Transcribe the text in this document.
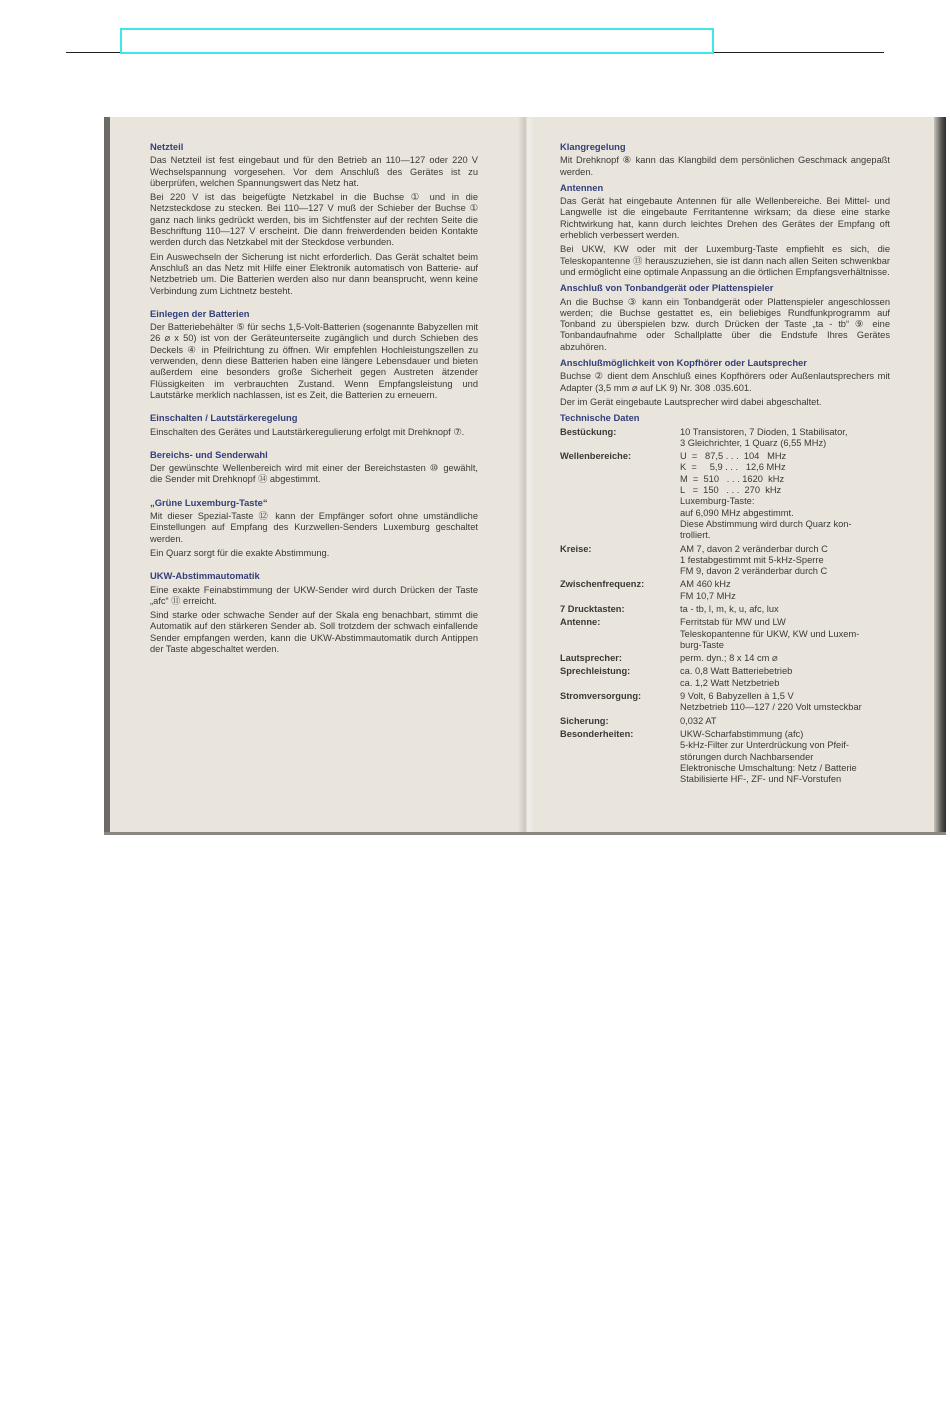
Netzteil
Das Netzteil ist fest eingebaut und für den Betrieb an 110—127 oder 220 V Wechselspannung vorgesehen. Vor dem Anschluß des Gerätes ist zu überprüfen, welchen Spannungswert das Netz hat.
Bei 220 V ist das beigefügte Netzkabel in die Buchse ① und in die Netzsteckdose zu stecken. Bei 110—127 V muß der Schieber der Buchse ① ganz nach links gedrückt werden, bis im Sichtfenster auf der rechten Seite die Beschriftung 110—127 V erscheint. Die dann freiwerdenden beiden Kontakte werden durch das Netzkabel mit der Steckdose verbunden.
Ein Auswechseln der Sicherung ist nicht erforderlich. Das Gerät schaltet beim Anschluß an das Netz mit Hilfe einer Elektronik automatisch von Batterie- auf Netzbetrieb um. Die Batterien werden also nur dann beansprucht, wenn keine Verbindung zum Lichtnetz besteht.
Einlegen der Batterien
Der Batteriebehälter ⑤ für sechs 1,5-Volt-Batterien (sogenannte Babyzellen mit 26 ⌀ x 50) ist von der Geräteunterseite zugänglich und durch Schieben des Deckels ④ in Pfeilrichtung zu öffnen. Wir empfehlen Hochleistungszellen zu verwenden, denn diese Batterien haben eine längere Lebensdauer und bieten außerdem eine besonders große Sicherheit gegen Austreten ätzender Flüssigkeiten im verbrauchten Zustand. Wenn Empfangsleistung und Lautstärke merklich nachlassen, ist es Zeit, die Batterien zu erneuern.
Einschalten / Lautstärkeregelung
Einschalten des Gerätes und Lautstärkeregulierung erfolgt mit Drehknopf ⑦.
Bereichs- und Senderwahl
Der gewünschte Wellenbereich wird mit einer der Bereichstasten ⑩ gewählt, die Sender mit Drehknopf ⑭ abgestimmt.
„Grüne Luxemburg-Taste“
Mit dieser Spezial-Taste ⑫ kann der Empfänger sofort ohne umständliche Einstellungen auf Empfang des Kurzwellen-Senders Luxemburg geschaltet werden.
Ein Quarz sorgt für die exakte Abstimmung.
UKW-Abstimmautomatik
Eine exakte Feinabstimmung der UKW-Sender wird durch Drücken der Taste „afc“ ⑪ erreicht.
Sind starke oder schwache Sender auf der Skala eng benachbart, stimmt die Automatik auf den stärkeren Sender ab. Soll trotzdem der schwach einfallende Sender empfangen werden, kann die UKW-Abstimmautomatik durch Antippen der Taste abgeschaltet werden.
Klangregelung
Mit Drehknopf ⑧ kann das Klangbild dem persönlichen Geschmack angepaßt werden.
Antennen
Das Gerät hat eingebaute Antennen für alle Wellenbereiche. Bei Mittel- und Langwelle ist die eingebaute Ferritantenne wirksam; da diese eine starke Richtwirkung hat, kann durch leichtes Drehen des Gerätes der Empfang oft erheblich verbessert werden.
Bei UKW, KW oder mit der Luxemburg-Taste empfiehlt es sich, die Teleskopantenne ⑬ herauszuziehen, sie ist dann nach allen Seiten schwenkbar und ermöglicht eine optimale Anpassung an die örtlichen Empfangsverhältnisse.
Anschluß von Tonbandgerät oder Plattenspieler
An die Buchse ③ kann ein Tonbandgerät oder Plattenspieler angeschlossen werden; die Buchse gestattet es, ein beliebiges Rundfunkprogramm auf Tonband zu überspielen bzw. durch Drücken der Taste „ta - tb“ ⑨ eine Tonbandaufnahme oder Schallplatte über die Endstufe Ihres Gerätes abzuhören.
Anschlußmöglichkeit von Kopfhörer oder Lautsprecher
Buchse ② dient dem Anschluß eines Kopfhörers oder Außenlautsprechers mit Adapter (3,5 mm ⌀ auf LK 9) Nr. 308 .035.601.
Der im Gerät eingebaute Lautsprecher wird dabei abgeschaltet.
Technische Daten
Bestückung:	10 Transistoren, 7 Dioden, 1 Stabilisator,
3 Gleichrichter, 1 Quarz (6,55 MHz)
Wellenbereiche:	U  =   87,5 . . .  104   MHz
K  =     5,9 . . .   12,6 MHz
M  =  510   . . . 1620  kHz
L   =  150   . . .  270  kHz
Luxemburg-Taste:
auf 6,090 MHz abgestimmt.
Diese Abstimmung wird durch Quarz kon-
trolliert.
Kreise:	AM 7, davon 2 veränderbar durch C
1 festabgestimmt mit 5-kHz-Sperre
FM 9, davon 2 veränderbar durch C
Zwischenfrequenz:	AM 460 kHz
FM 10,7 MHz
7 Drucktasten:	ta - tb, l, m, k, u, afc, lux
Antenne:	Ferritstab für MW und LW
Teleskopantenne für UKW, KW und Luxem-
burg-Taste
Lautsprecher:	perm. dyn.; 8 x 14 cm ⌀
Sprechleistung:	ca. 0,8 Watt Batteriebetrieb
ca. 1,2 Watt Netzbetrieb
Stromversorgung:	9 Volt, 6 Babyzellen à 1,5 V
Netzbetrieb 110—127 / 220 Volt umsteckbar
Sicherung:	0,032 AT
Besonderheiten:	UKW-Scharfabstimmung (afc)
5-kHz-Filter zur Unterdrückung von Pfeif-
störungen durch Nachbarsender
Elektronische Umschaltung: Netz / Batterie
Stabilisierte HF-, ZF- und NF-Vorstufen
